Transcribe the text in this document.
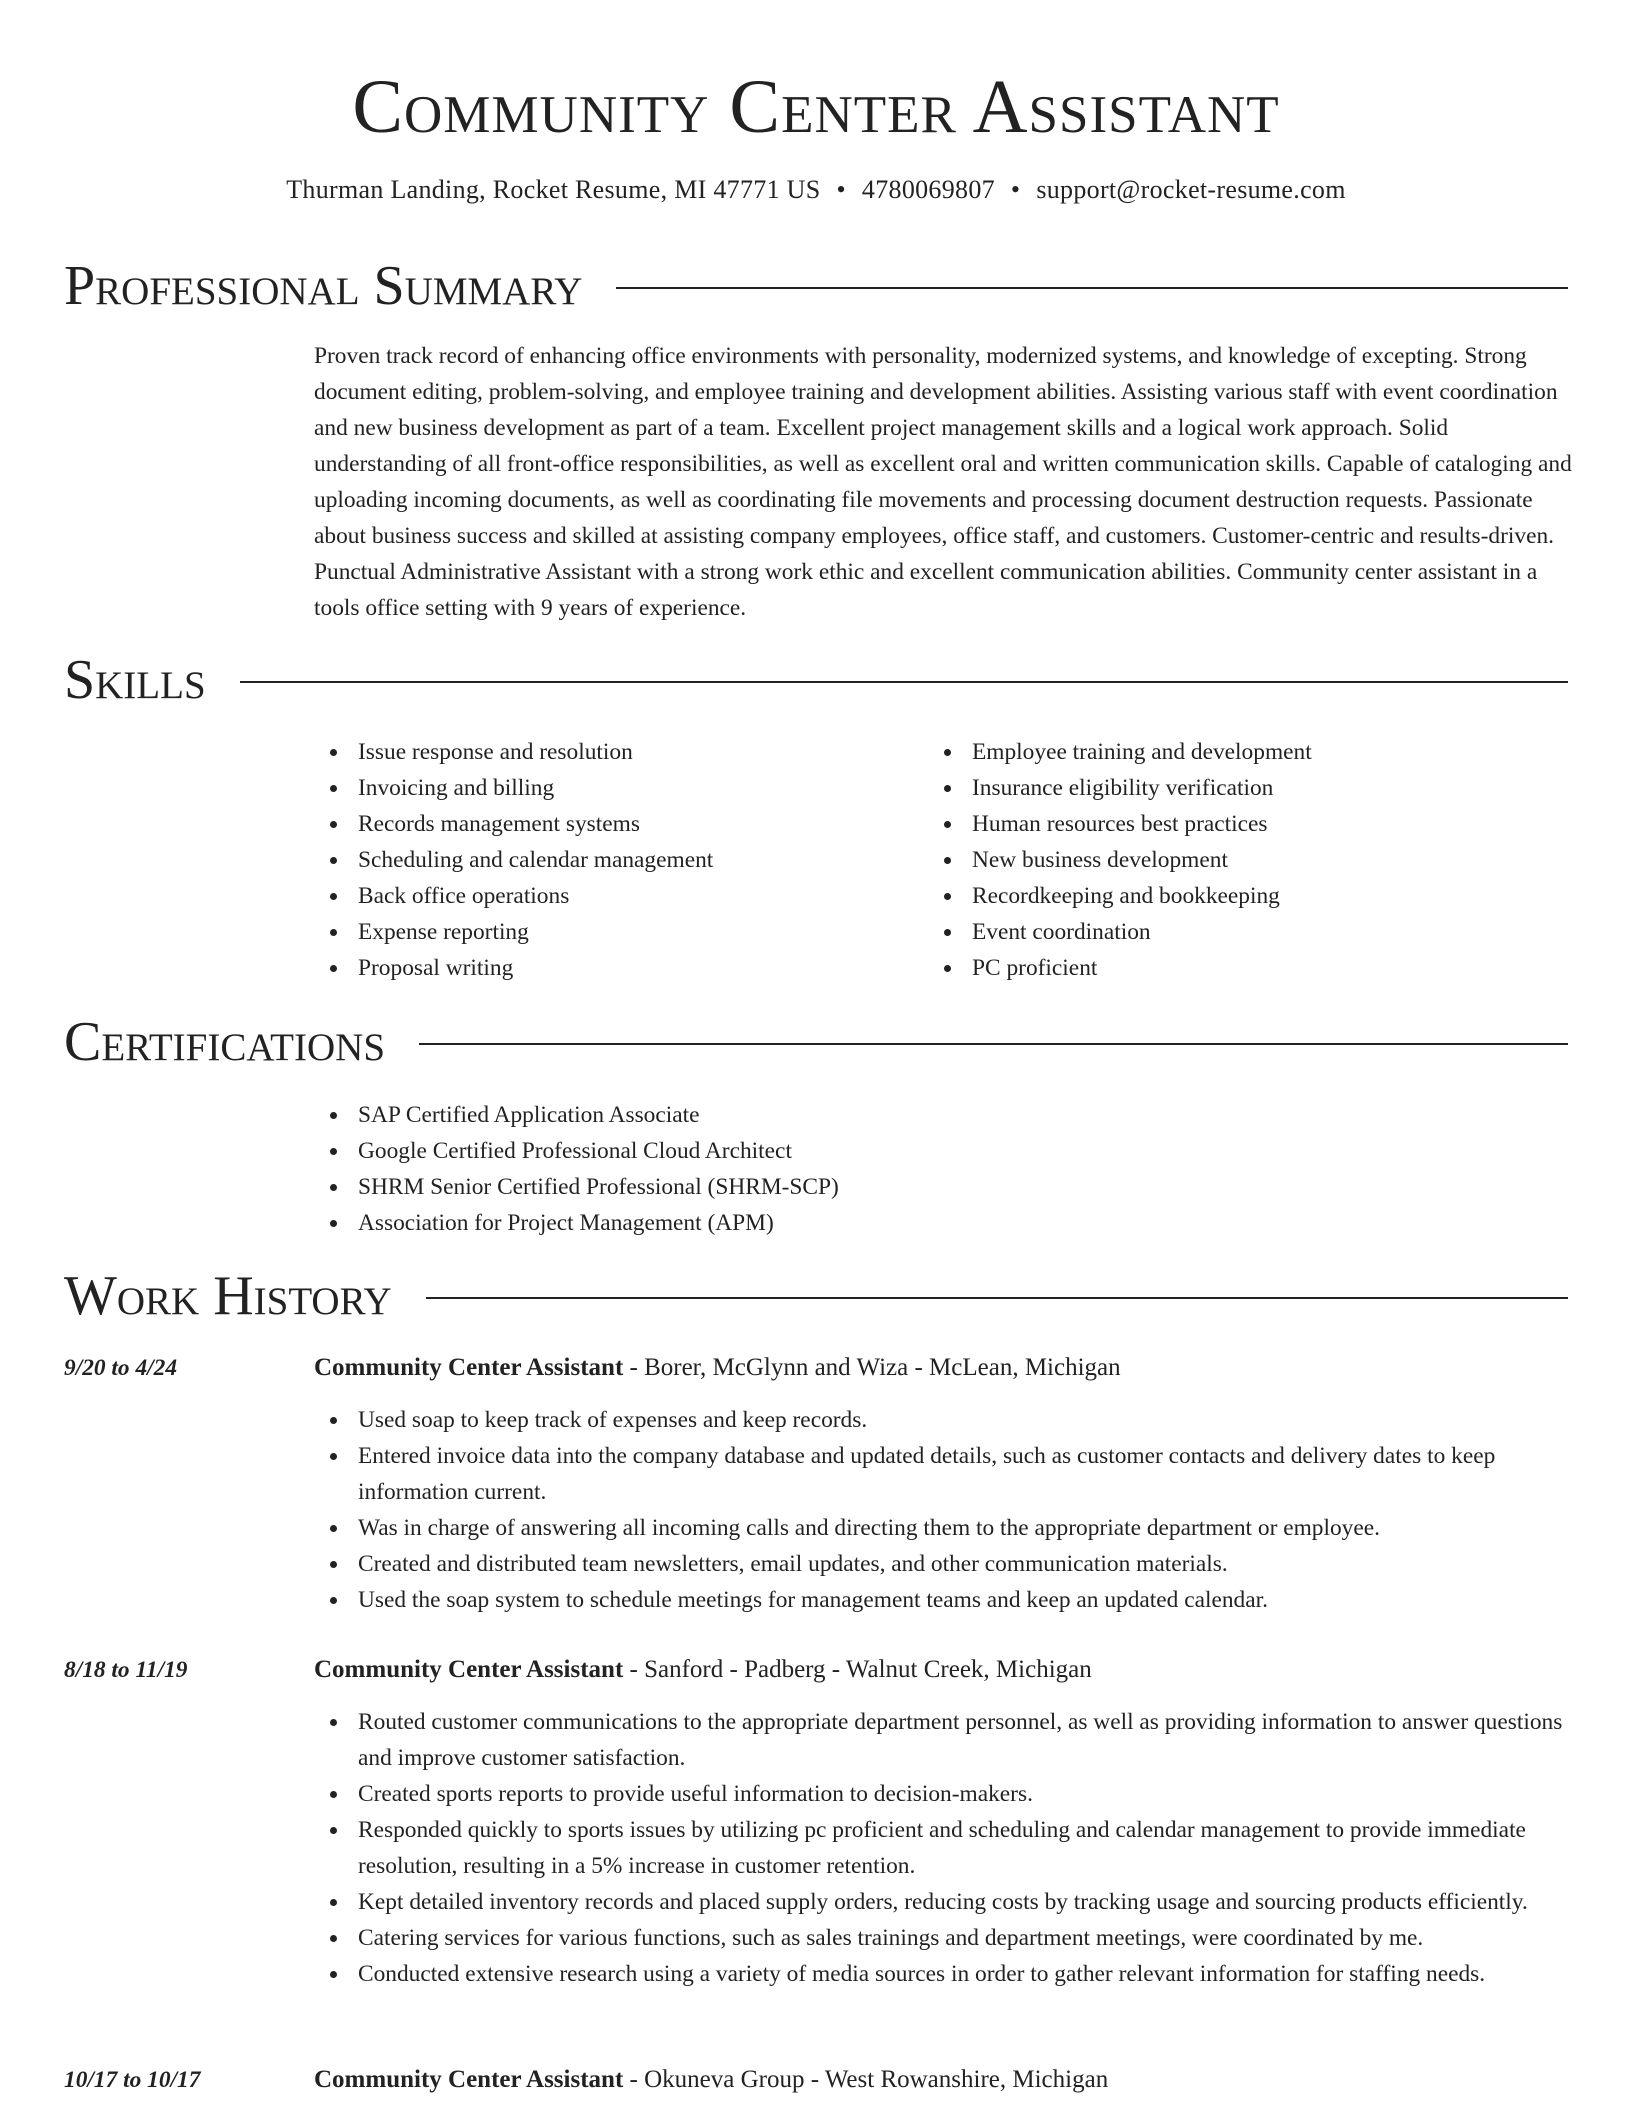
Community Center Assistant
Thurman Landing, Rocket Resume, MI 47771 US • 4780069807 • support@rocket-resume.com
Professional Summary

Proven track record of enhancing office environments with personality, modernized systems, and knowledge of excepting. Strong document editing, problem-solving, and employee training and development abilities. Assisting various staff with event coordination and new business development as part of a team. Excellent project management skills and a logical work approach. Solid understanding of all front-office responsibilities, as well as excellent oral and written communication skills. Capable of cataloging and uploading incoming documents, as well as coordinating file movements and processing document destruction requests. Passionate about business success and skilled at assisting company employees, office staff, and customers. Customer-centric and results-driven. Punctual Administrative Assistant with a strong work ethic and excellent communication abilities. Community center assistant in a tools office setting with 9 years of experience.

Skills
Issue response and resolution
Invoicing and billing
Records management systems
Scheduling and calendar management
Back office operations
Expense reporting
Proposal writing
Employee training and development
Insurance eligibility verification
Human resources best practices
New business development
Recordkeeping and bookkeeping
Event coordination
PC proficient
Certifications
SAP Certified Application Associate
Google Certified Professional Cloud Architect
SHRM Senior Certified Professional (SHRM-SCP)
Association for Project Management (APM)
Work History
9/20 to 4/24	Community Center Assistant - Borer, McGlynn and Wiza - McLean, Michigan
Used soap to keep track of expenses and keep records.
Entered invoice data into the company database and updated details, such as customer contacts and delivery dates to keep information current.
Was in charge of answering all incoming calls and directing them to the appropriate department or employee.
Created and distributed team newsletters, email updates, and other communication materials.
Used the soap system to schedule meetings for management teams and keep an updated calendar.
8/18 to 11/19	Community Center Assistant - Sanford - Padberg - Walnut Creek, Michigan
Routed customer communications to the appropriate department personnel, as well as providing information to answer questions and improve customer satisfaction.
Created sports reports to provide useful information to decision-makers.
Responded quickly to sports issues by utilizing pc proficient and scheduling and calendar management to provide immediate resolution, resulting in a 5% increase in customer retention.
Kept detailed inventory records and placed supply orders, reducing costs by tracking usage and sourcing products efficiently.
Catering services for various functions, such as sales trainings and department meetings, were coordinated by me.
Conducted extensive research using a variety of media sources in order to gather relevant information for staffing needs.
10/17 to 10/17	Community Center Assistant - Okuneva Group - West Rowanshire, Michigan
